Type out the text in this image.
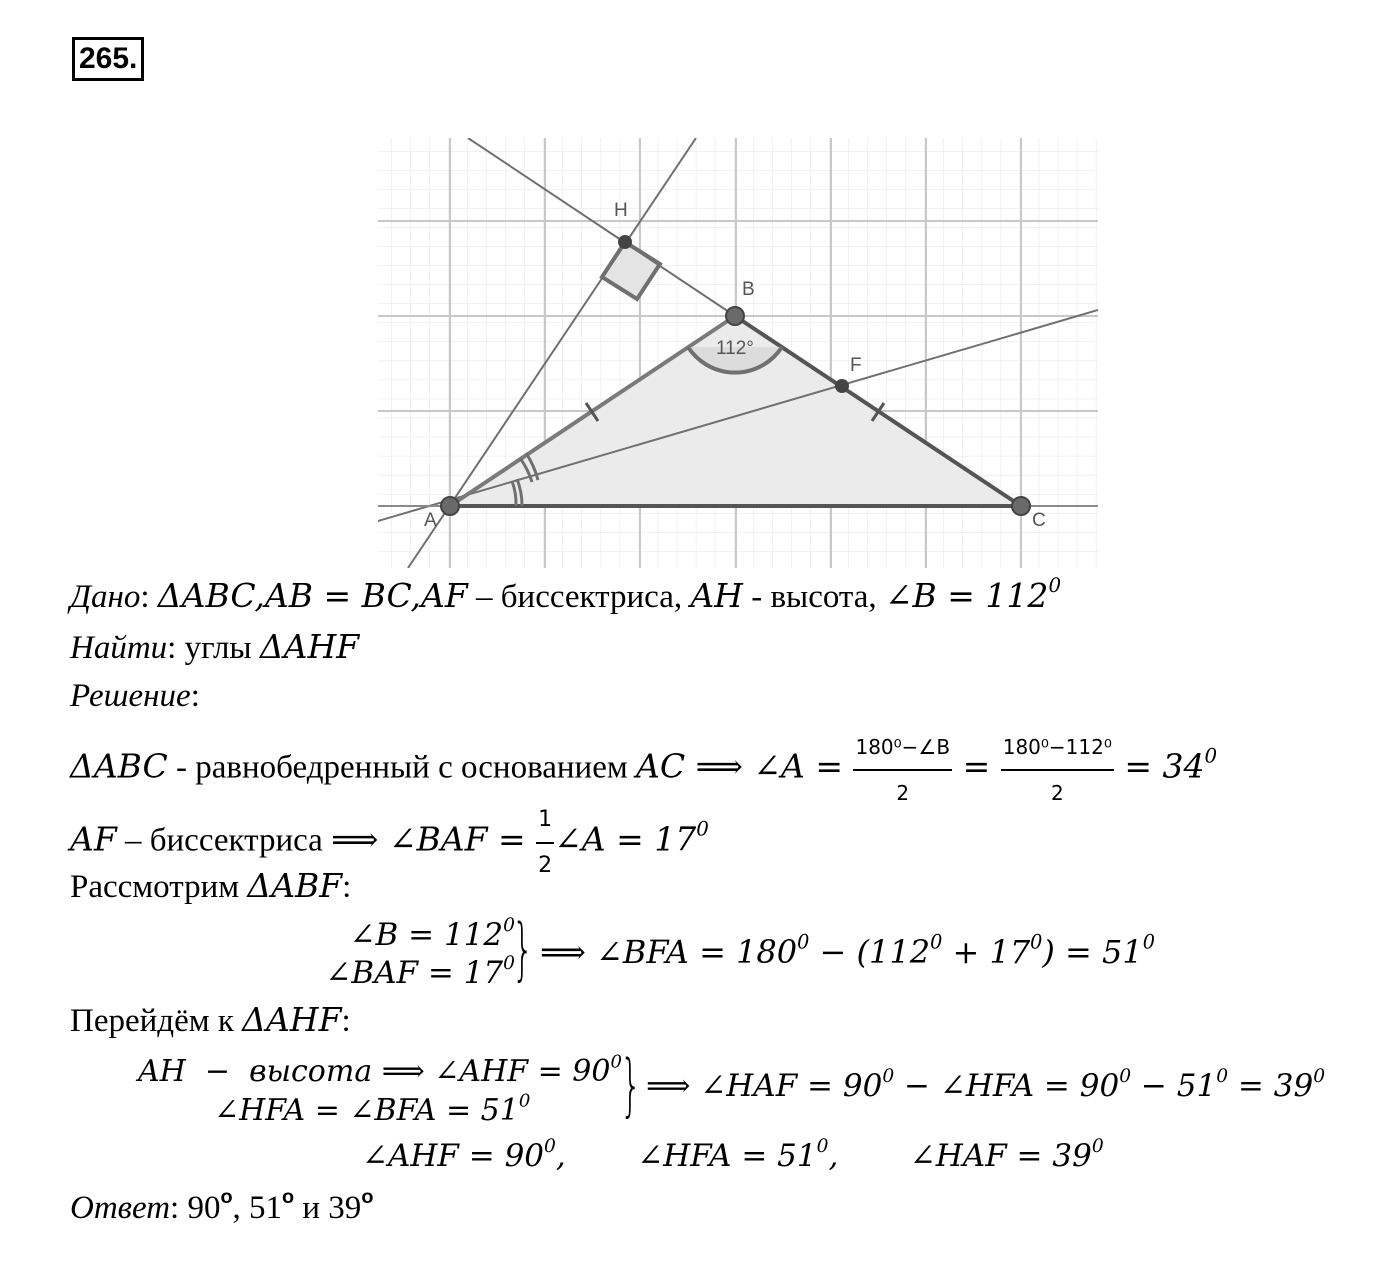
265.
112°
H
B
F
A	C
Дано: ΔABC,AB = BC,AF – биссектриса, AH - высота, ∠B = $112^0$
Найти: углы ΔAHF
Решение:
ΔABC - равнобедренный с основанием AC ⟹ ∠A = $\frac{\text{180⁰−∠B}}{2} = \frac{\text{180⁰−112⁰}}{2} = 34^0$
AF – биссектриса ⟹ ∠BAF = $\frac{1}{2}$ ∠A = $17^0$
Рассмотрим ΔABF:
∠B = $112^0$
∠BAF = $17^0$
} ⟹ ∠BFA = $180^0 - (112^0 + 17^0) = 51^0$
Перейдём к ΔAHF:
AH  −  высота ⟹ ∠AHF = $90^0$
∠HFA = ∠BFA = $51^0$	} ⟹ ∠HAF = $90^0$ − ∠HFA = $90^0 - 51^0 = 39^0$
∠AHF = $90^0$, ∠HFA = $51^0$, ∠HAF = $39^0$
Ответ: 90$^o$, 51$^o$ и 39$^o$
